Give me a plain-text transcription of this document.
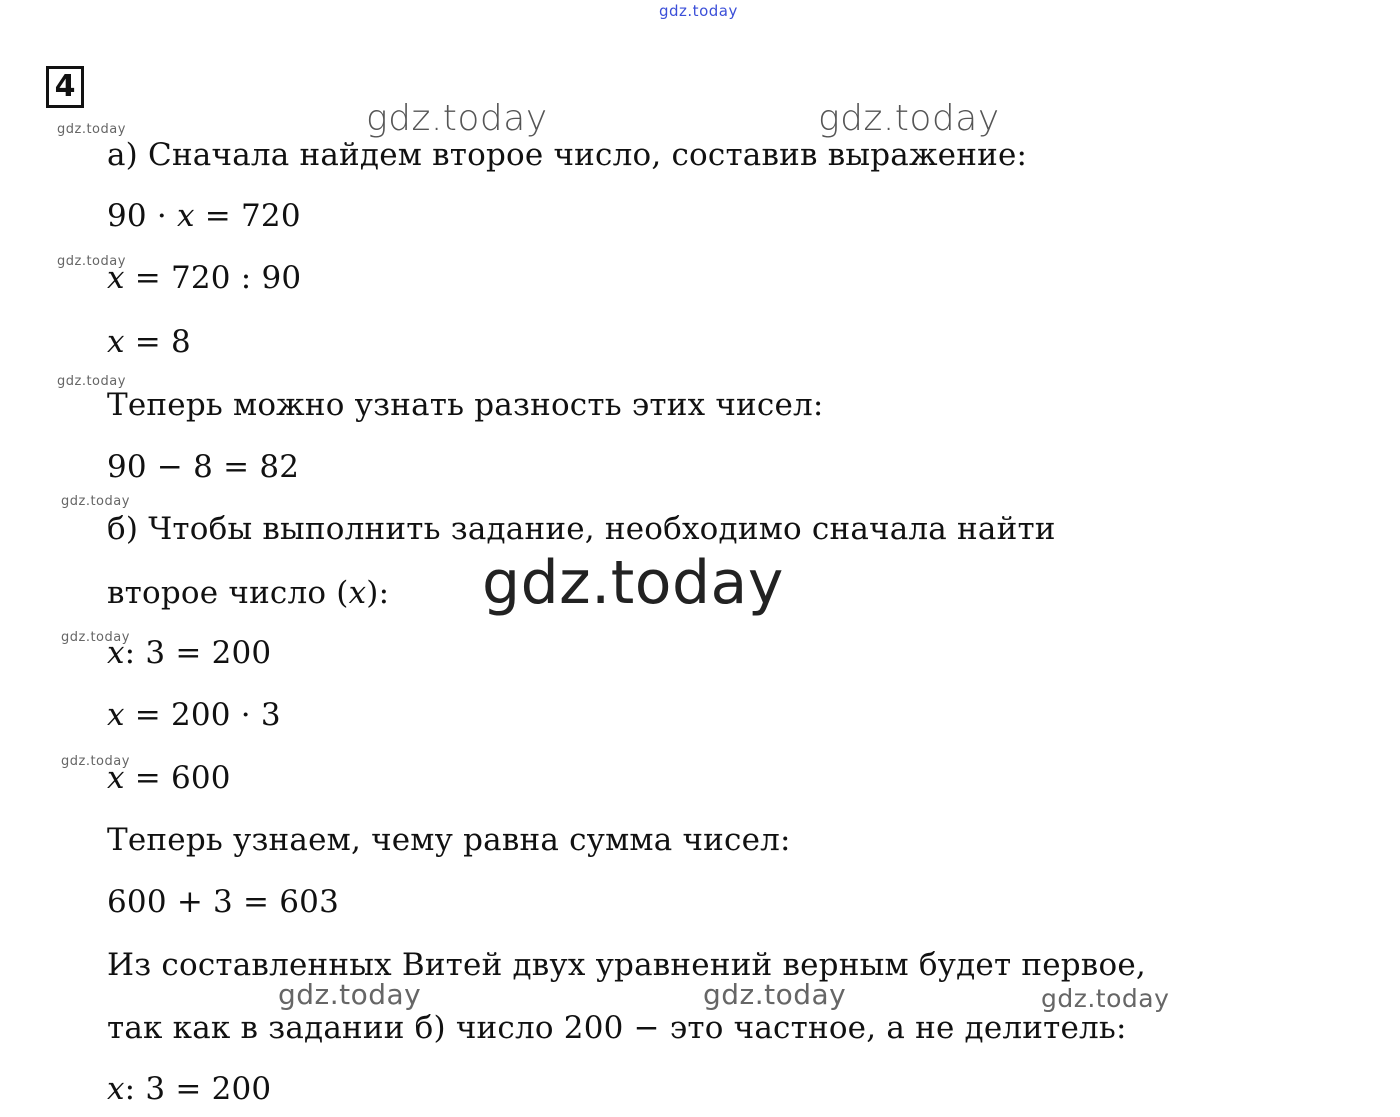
gdz.today
4
gdz.today	gdz.today
gdz.today
gdz.today
gdz.today
gdz.today
gdz.today
gdz.today
а) Сначала найдем второе число, составив выражение:
90 · 𝑥 = 720
𝑥 = 720 : 90
𝑥 = 8
Теперь можно узнать разность этих чисел:
90 − 8 = 82
б) Чтобы выполнить задание, необходимо сначала найти
второе число (𝑥): gdz.today
𝑥: 3 = 200
𝑥 = 200 · 3
𝑥 = 600
Теперь узнаем, чему равна сумма чисел:
600 + 3 = 603
Из составленных Витей двух уравнений верным будет первое,
gdz.today	gdz.today	gdz.today
так как в задании б) число 200 − это частное, а не делитель:
𝑥: 3 = 200
